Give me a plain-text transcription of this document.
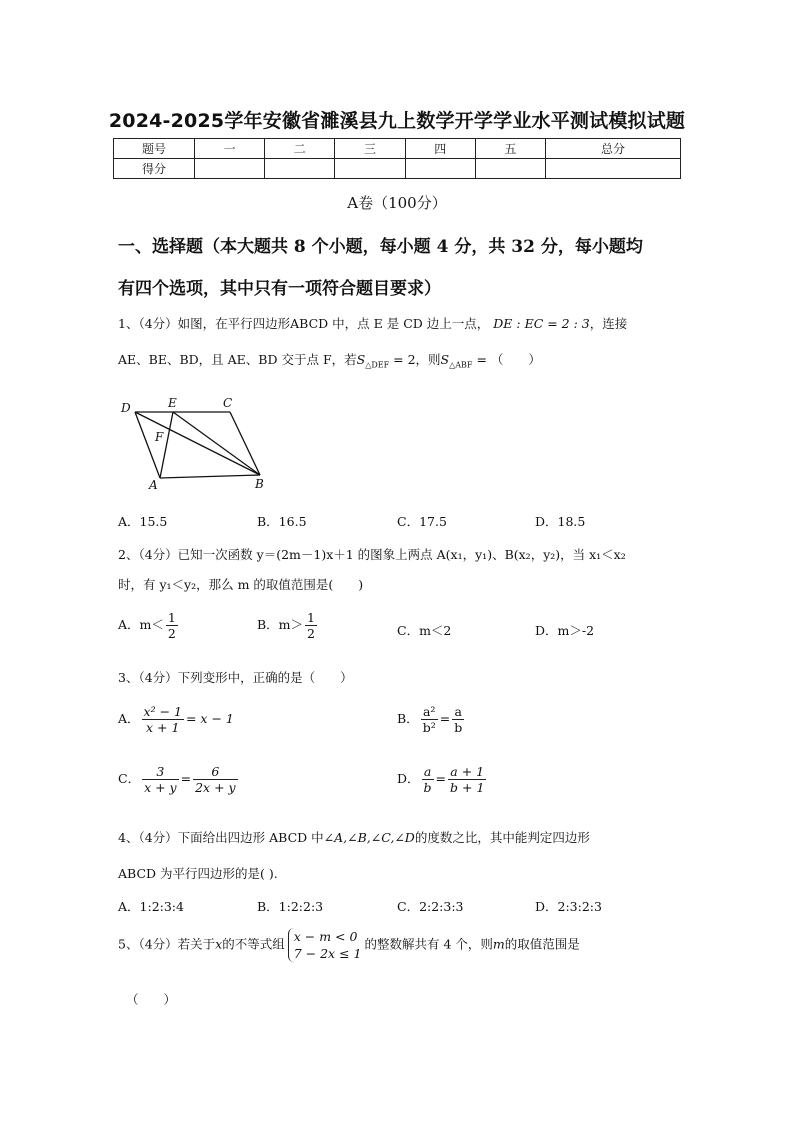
2024-2025学年安徽省濉溪县九上数学开学学业水平测试模拟试题
题号	一	二	三	四	五	总分
得分						
A卷（100分）
一、选择题（本大题共 8 个小题，每小题 4 分，共 32 分，每小题均
有四个选项，其中只有一项符合题目要求）
1、（4分）如图，在平行四边形ABCD 中，点 E 是 CD 边上一点， DE : EC = 2 : 3，连接
AE、BE、BD，且 AE、BD 交于点 F，若$S_{\triangle DEF} = 2$，则$S_{\triangle ABF}$ = （　　）
D	E	C
F
A	B
A．15.5	B．16.5	C．17.5	D．18.5
2、（4分）已知一次函数 y＝(2m－1)x＋1 的图象上两点 A(x₁，y₁)、B(x₂，y₂)，当 x₁＜x₂
时，有 y₁＜y₂，那么 m 的取值范围是(　　)
A．$m< \frac{1}{2}$	B．$m> \frac{1}{2}$	C．m＜2	D．m＞-2
3、（4分）下列变形中，正确的是（　　）
A． $\frac{\text{x² − 1}}{x + 1} = x - 1$	B． $\frac{\text{a²}}{\text{b²}} = \frac{a}{b}$
C． $\frac{3}{x + y} = \frac{6}{2x + y}$	D． $\frac{a}{b} = \frac{a + 1}{b + 1}$
4、（4分）下面给出四边形 ABCD 中∠A,∠B,∠C,∠D的度数之比，其中能判定四边形
ABCD 为平行四边形的是( ).
A．1:2:3:4	B．1:2:2:3	C．2:2:3:3	D．2:3:2:3
5、（4分）若关于x的不等式组 x − m < 0
7 − 2x ≤ 1
的整数解共有 4 个，则m的取值范围是
（　　）
